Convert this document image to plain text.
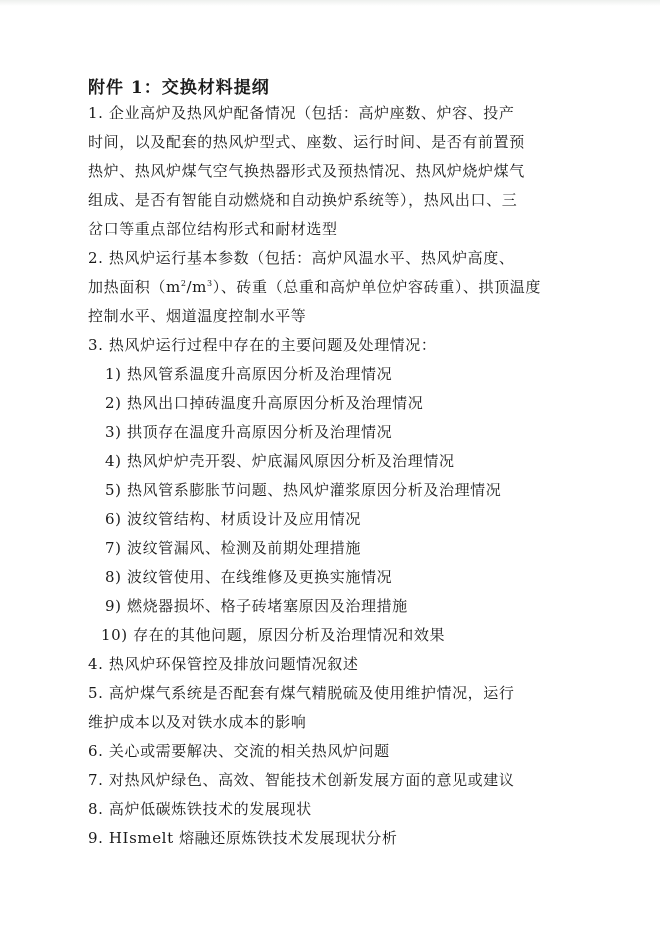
附件 1：交换材料提纲
1. 企业高炉及热风炉配备情况（包括：高炉座数、炉容、投产
时间，以及配套的热风炉型式、座数、运行时间、是否有前置预
热炉、热风炉煤气空气换热器形式及预热情况、热风炉烧炉煤气
组成、是否有智能自动燃烧和自动换炉系统等），热风出口、三
岔口等重点部位结构形式和耐材选型
2. 热风炉运行基本参数（包括：高炉风温水平、热风炉高度、
加热面积$(m^2/m^3)$、砖重（总重和高炉单位炉容砖重）、拱顶温度
控制水平、烟道温度控制水平等
3. 热风炉运行过程中存在的主要问题及处理情况：
1) 热风管系温度升高原因分析及治理情况
2) 热风出口掉砖温度升高原因分析及治理情况
3) 拱顶存在温度升高原因分析及治理情况
4) 热风炉炉壳开裂、炉底漏风原因分析及治理情况
5) 热风管系膨胀节问题、热风炉灌浆原因分析及治理情况
6) 波纹管结构、材质设计及应用情况
7) 波纹管漏风、检测及前期处理措施
8) 波纹管使用、在线维修及更换实施情况
9) 燃烧器损坏、格子砖堵塞原因及治理措施
10) 存在的其他问题，原因分析及治理情况和效果
4. 热风炉环保管控及排放问题情况叙述
5. 高炉煤气系统是否配套有煤气精脱硫及使用维护情况，运行
维护成本以及对铁水成本的影响
6. 关心或需要解决、交流的相关热风炉问题
7. 对热风炉绿色、高效、智能技术创新发展方面的意见或建议
8. 高炉低碳炼铁技术的发展现状
9. HIsmelt 熔融还原炼铁技术发展现状分析
